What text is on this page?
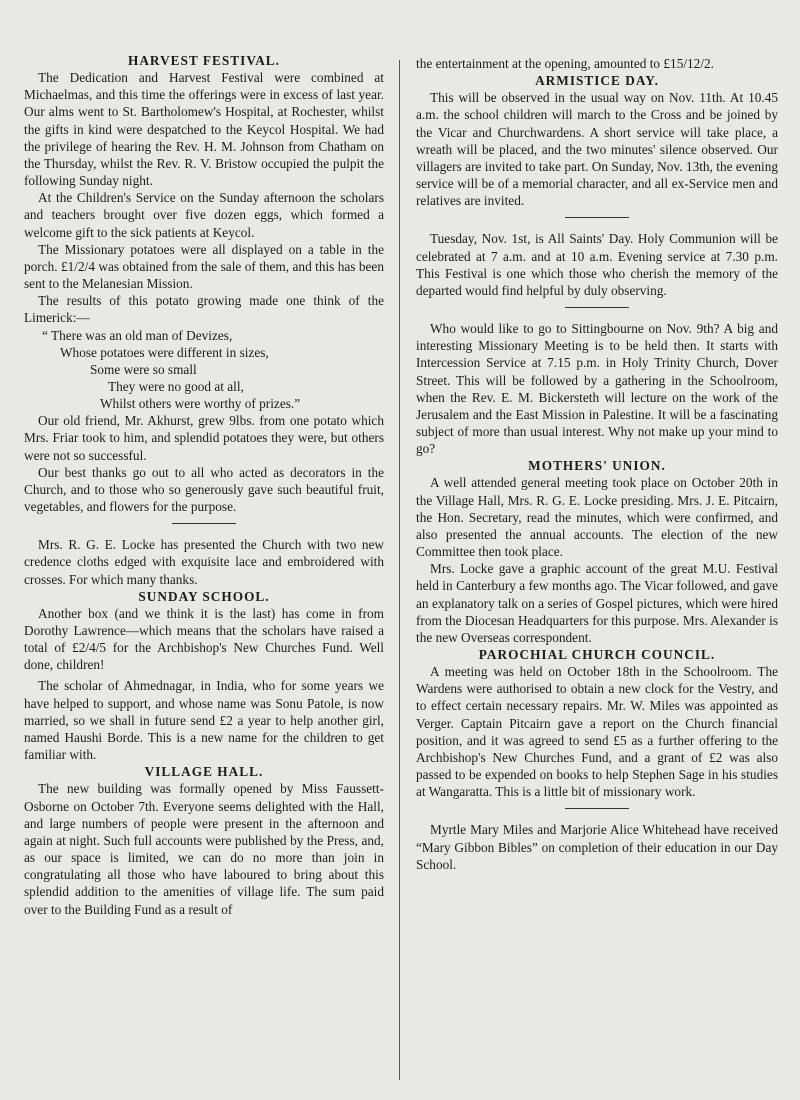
HARVEST FESTIVAL.

The Dedication and Harvest Festival were combined at Michaelmas, and this time the offerings were in excess of last year. Our alms went to St. Bartholomew's Hospital, at Rochester, whilst the gifts in kind were despatched to the Keycol Hospital. We had the privilege of hearing the Rev. H. M. Johnson from Chatham on the Thursday, whilst the Rev. R. V. Bristow occupied the pulpit the following Sunday night.

At the Children's Service on the Sunday afternoon the scholars and teachers brought over five dozen eggs, which formed a welcome gift to the sick patients at Keycol.

The Missionary potatoes were all displayed on a table in the porch. £1/2/4 was obtained from the sale of them, and this has been sent to the Melanesian Mission.

The results of this potato growing made one think of the Limerick:—

“ There was an old man of Devizes,
Whose potatoes were different in sizes,
Some were so small
They were no good at all,
Whilst others were worthy of prizes.”

Our old friend, Mr. Akhurst, grew 9lbs. from one potato which Mrs. Friar took to him, and splendid potatoes they were, but others were not so successful.

Our best thanks go out to all who acted as decorators in the Church, and to those who so generously gave such beautiful fruit, vegetables, and flowers for the purpose.

Mrs. R. G. E. Locke has presented the Church with two new credence cloths edged with exquisite lace and embroidered with crosses. For which many thanks.

SUNDAY SCHOOL.

Another box (and we think it is the last) has come in from Dorothy Lawrence—which means that the scholars have raised a total of £2/4/5 for the Archbishop's New Churches Fund. Well done, children!

The scholar of Ahmednagar, in India, who for some years we have helped to support, and whose name was Sonu Patole, is now married, so we shall in future send £2 a year to help another girl, named Haushi Borde. This is a new name for the children to get familiar with.

VILLAGE HALL.

The new building was formally opened by Miss Faussett-Osborne on October 7th. Everyone seems delighted with the Hall, and large numbers of people were present in the afternoon and again at night. Such full accounts were published by the Press, and, as our space is limited, we can do no more than join in congratulating all those who have laboured to bring about this splendid addition to the amenities of village life. The sum paid over to the Building Fund as a result of

the entertainment at the opening, amounted to £15/12/2.

ARMISTICE DAY.

This will be observed in the usual way on Nov. 11th. At 10.45 a.m. the school children will march to the Cross and be joined by the Vicar and Churchwardens. A short service will take place, a wreath will be placed, and the two minutes' silence observed. Our villagers are invited to take part. On Sunday, Nov. 13th, the evening service will be of a memorial character, and all ex-Service men and relatives are invited.

Tuesday, Nov. 1st, is All Saints' Day. Holy Communion will be celebrated at 7 a.m. and at 10 a.m. Evening service at 7.30 p.m. This Festival is one which those who cherish the memory of the departed would find helpful by duly observing.

Who would like to go to Sittingbourne on Nov. 9th? A big and interesting Missionary Meeting is to be held then. It starts with Intercession Service at 7.15 p.m. in Holy Trinity Church, Dover Street. This will be followed by a gathering in the Schoolroom, when the Rev. E. M. Bickersteth will lecture on the work of the Jerusalem and the East Mission in Palestine. It will be a fascinating subject of more than usual interest. Why not make up your mind to go?

MOTHERS' UNION.

A well attended general meeting took place on October 20th in the Village Hall, Mrs. R. G. E. Locke presiding. Mrs. J. E. Pitcairn, the Hon. Secretary, read the minutes, which were confirmed, and also presented the annual accounts. The election of the new Committee then took place.

Mrs. Locke gave a graphic account of the great M.U. Festival held in Canterbury a few months ago. The Vicar followed, and gave an explanatory talk on a series of Gospel pictures, which were hired from the Diocesan Headquarters for this purpose. Mrs. Alexander is the new Overseas correspondent.

PAROCHIAL CHURCH COUNCIL.

A meeting was held on October 18th in the Schoolroom. The Wardens were authorised to obtain a new clock for the Vestry, and to effect certain necessary repairs. Mr. W. Miles was appointed as Verger. Captain Pitcairn gave a report on the Church financial position, and it was agreed to send £5 as a further offering to the Archbishop's New Churches Fund, and a grant of £2 was also passed to be expended on books to help Stephen Sage in his studies at Wangaratta. This is a little bit of missionary work.

Myrtle Mary Miles and Marjorie Alice Whitehead have received “Mary Gibbon Bibles” on completion of their education in our Day School.
